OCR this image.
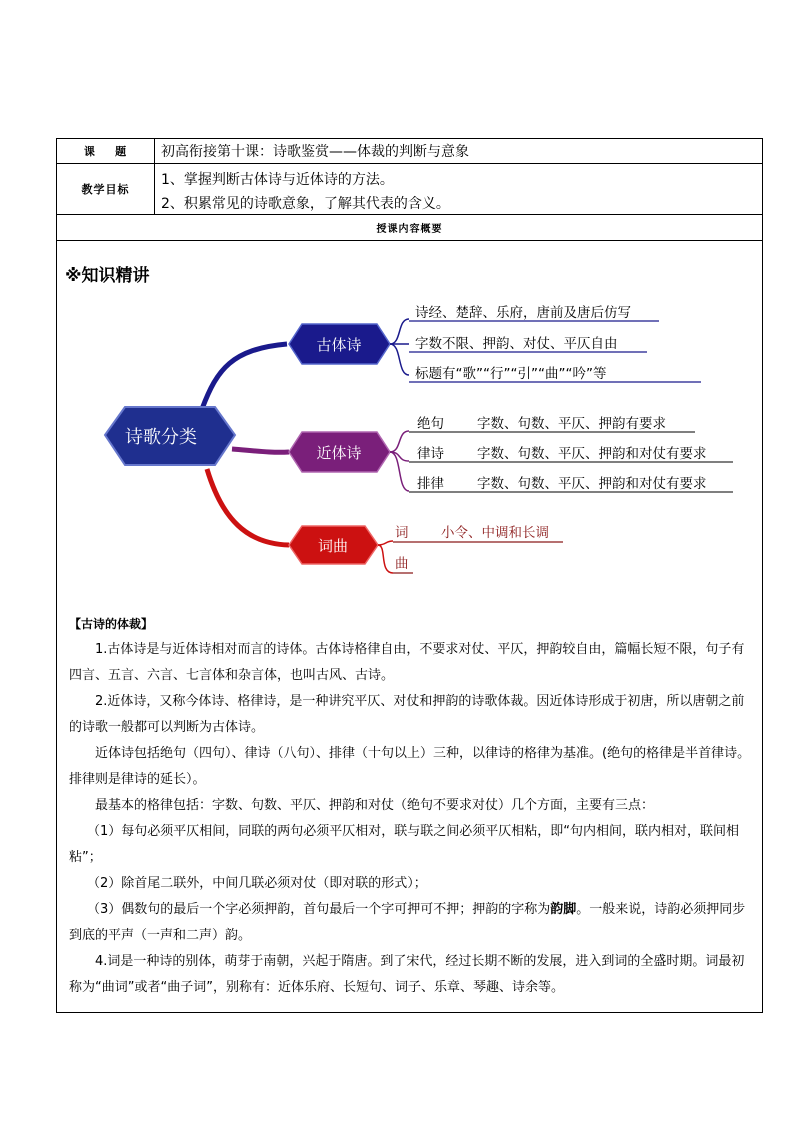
课    题	初高衔接第十课：诗歌鉴赏——体裁的判断与意象
教学目标
1、掌握判断古体诗与近体诗的方法。
2、积累常见的诗歌意象，了解其代表的含义。
授课内容概要
※知识精讲
诗歌分类
古体诗
诗经、楚辞、乐府，唐前及唐后仿写
字数不限、押韵、对仗、平仄自由
标题有“歌”“行”“引”“曲”“吟”等
近体诗
绝句 字数、句数、平仄、押韵有要求
律诗 字数、句数、平仄、押韵和对仗有要求
排律 字数、句数、平仄、押韵和对仗有要求
词曲
词 小令、中调和长调
曲

【古诗的体裁】

1.古体诗是与近体诗相对而言的诗体。古体诗格律自由，不要求对仗、平仄，押韵较自由，篇幅长短不限，句子有四言、五言、六言、七言体和杂言体，也叫古风、古诗。

2.近体诗，又称今体诗、格律诗，是一种讲究平仄、对仗和押韵的诗歌体裁。因近体诗形成于初唐，所以唐朝之前的诗歌一般都可以判断为古体诗。

近体诗包括绝句（四句）、律诗（八句）、排律（十句以上）三种，以律诗的格律为基准。(绝句的格律是半首律诗。排律则是律诗的延长）。

最基本的格律包括：字数、句数、平仄、押韵和对仗（绝句不要求对仗）几个方面，主要有三点：

（1）每句必须平仄相间，同联的两句必须平仄相对，联与联之间必须平仄相粘，即“句内相间，联内相对，联间相粘”；

（2）除首尾二联外，中间几联必须对仗（即对联的形式）；

（3）偶数句的最后一个字必须押韵，首句最后一个字可押可不押；押韵的字称为韵脚。一般来说，诗韵必须押同步到底的平声（一声和二声）韵。

4.词是一种诗的别体，萌芽于南朝，兴起于隋唐。到了宋代，经过长期不断的发展，进入到词的全盛时期。词最初称为“曲词”或者“曲子词”，别称有：近体乐府、长短句、词子、乐章、琴趣、诗余等。
